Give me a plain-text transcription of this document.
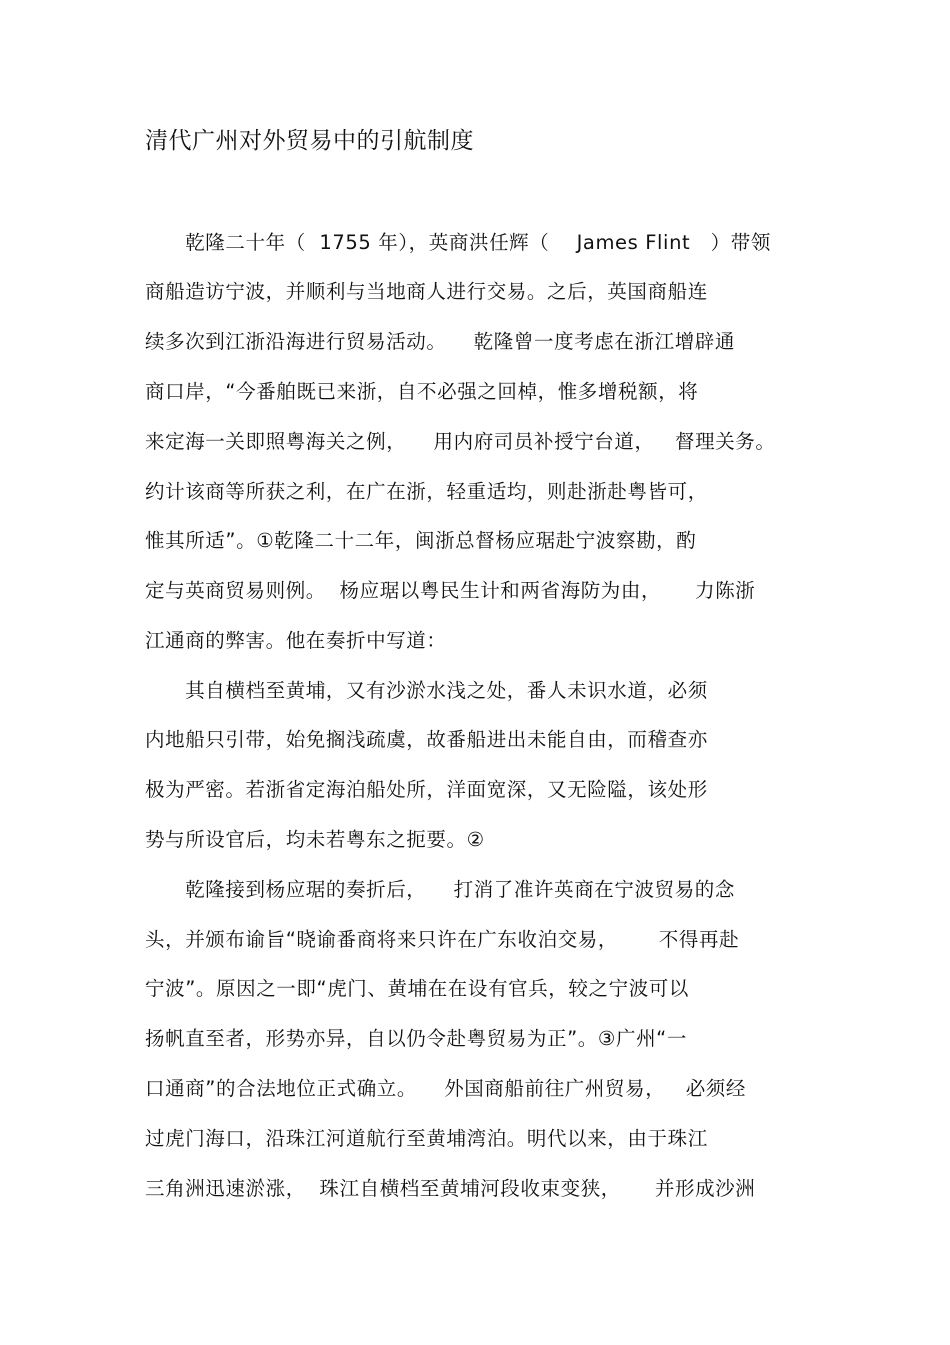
清代广州对外贸易中的引航制度
　　乾隆二十年（  1755 年），英商洪任辉（    James Flint   ）带领
商船造访宁波，并顺利与当地商人进行交易。之后，英国商船连
续多次到江浙沿海进行贸易活动。    乾隆曾一度考虑在浙江增辟通
商口岸，“今番舶既已来浙，自不必强之回棹，惟多增税额，将
来定海一关即照粤海关之例，    用内府司员补授宁台道，   督理关务。
约计该商等所获之利，在广在浙，轻重适均，则赴浙赴粤皆可，
惟其所适”。①乾隆二十二年，闽浙总督杨应琚赴宁波察勘，酌
定与英商贸易则例。  杨应琚以粤民生计和两省海防为由，     力陈浙
江通商的弊害。他在奏折中写道：
　　其自横档至黄埔，又有沙淤水浅之处，番人未识水道，必须
内地船只引带，始免搁浅疏虞，故番船进出未能自由，而稽查亦
极为严密。若浙省定海泊船处所，洋面宽深，又无险隘，该处形
势与所设官后，均未若粤东之扼要。②
　　乾隆接到杨应琚的奏折后，    打消了准许英商在宁波贸易的念
头，并颁布谕旨“晓谕番商将来只许在广东收泊交易，      不得再赴
宁波”。原因之一即“虎门、黄埔在在设有官兵，较之宁波可以
扬帆直至者，形势亦异，自以仍令赴粤贸易为正”。③广州“一
口通商”的合法地位正式确立。    外国商船前往广州贸易，   必须经
过虎门海口，沿珠江河道航行至黄埔湾泊。明代以来，由于珠江
三角洲迅速淤涨，  珠江自横档至黄埔河段收束变狭，     并形成沙洲
